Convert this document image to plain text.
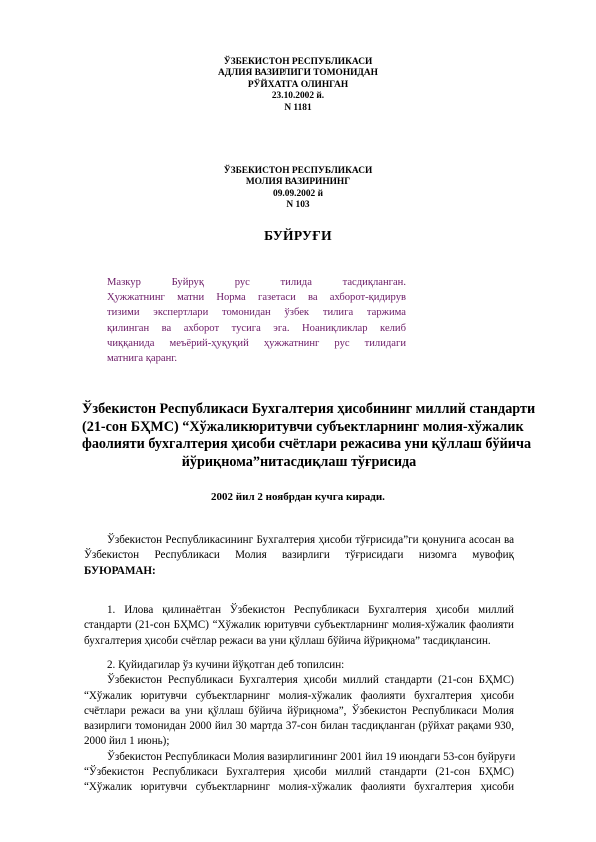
ЎЗБЕКИСТОН РЕСПУБЛИКАСИ
АДЛИЯ ВАЗИРЛИГИ ТОМОНИДАН
РЎЙХАТГА ОЛИНГАН
23.10.2002 й.
N 1181
ЎЗБЕКИСТОН РЕСПУБЛИКАСИ
МОЛИЯ ВАЗИРИНИНГ
09.09.2002 й
N 103
БУЙРУҒИ
Мазкур Буйруқ рус тилида тасдиқланган.
Ҳужжатнинг матни Норма газетаси ва ахборот-қидирув
тизими экспертлари томонидан ўзбек тилига таржима
қилинган ва ахборот тусига эга. Ноаниқликлар келиб
чиққанида меъёрий-ҳуқуқий ҳужжатнинг рус тилидаги
матнига қаранг.
Ўзбекистон Республикаси Бухгалтерия ҳисобининг миллий стандарти
(21-сон БҲМС) “Хўжаликюритувчи субъектларнинг молия-хўжалик
фаолияти бухгалтерия ҳисоби счётлари режасива уни қўллаш бўйича
йўриқнома”нитасдиқлаш тўғрисида
2002 йил 2 ноябрдан кучга киради.
Ўзбекистон Республикасининг Бухгалтерия ҳисоби тўғрисида”ги қонунига асосан ва
Ўзбекистон Республикаси Молия вазирлиги тўғрисидаги низомга мувофиқ
БУЮРАМАН:
1. Илова қилинаётган Ўзбекистон Республикаси Бухгалтерия ҳисоби миллий
стандарти (21-сон БҲМС) “Хўжалик юритувчи субъектларнинг молия-хўжалик фаолияти
бухгалтерия ҳисоби счётлар режаси ва уни қўллаш бўйича йўриқнома” тасдиқлансин.
2. Қуйидагилар ўз кучини йўқотган деб топилсин:
Ўзбекистон Республикаси Бухгалтерия ҳисоби миллий стандарти (21-сон БҲМС)
“Хўжалик юритувчи субъектларнинг молия-хўжалик фаолияти бухгалтерия ҳисоби
счётлари режаси ва уни қўллаш бўйича йўриқнома”, Ўзбекистон Республикаси Молия
вазирлиги томонидан 2000 йил 30 мартда 37-сон билан тасдиқланган (рўйхат рақами 930,
2000 йил 1 июнь);
Ўзбекистон Республикаси Молия вазирлигининг 2001 йил 19 июндаги 53-сон буйруғи
“Ўзбекистон Республикаси Бухгалтерия ҳисоби миллий стандарти (21-сон БҲМС)
“Хўжалик юритувчи субъектларнинг молия-хўжалик фаолияти бухгалтерия ҳисоби
